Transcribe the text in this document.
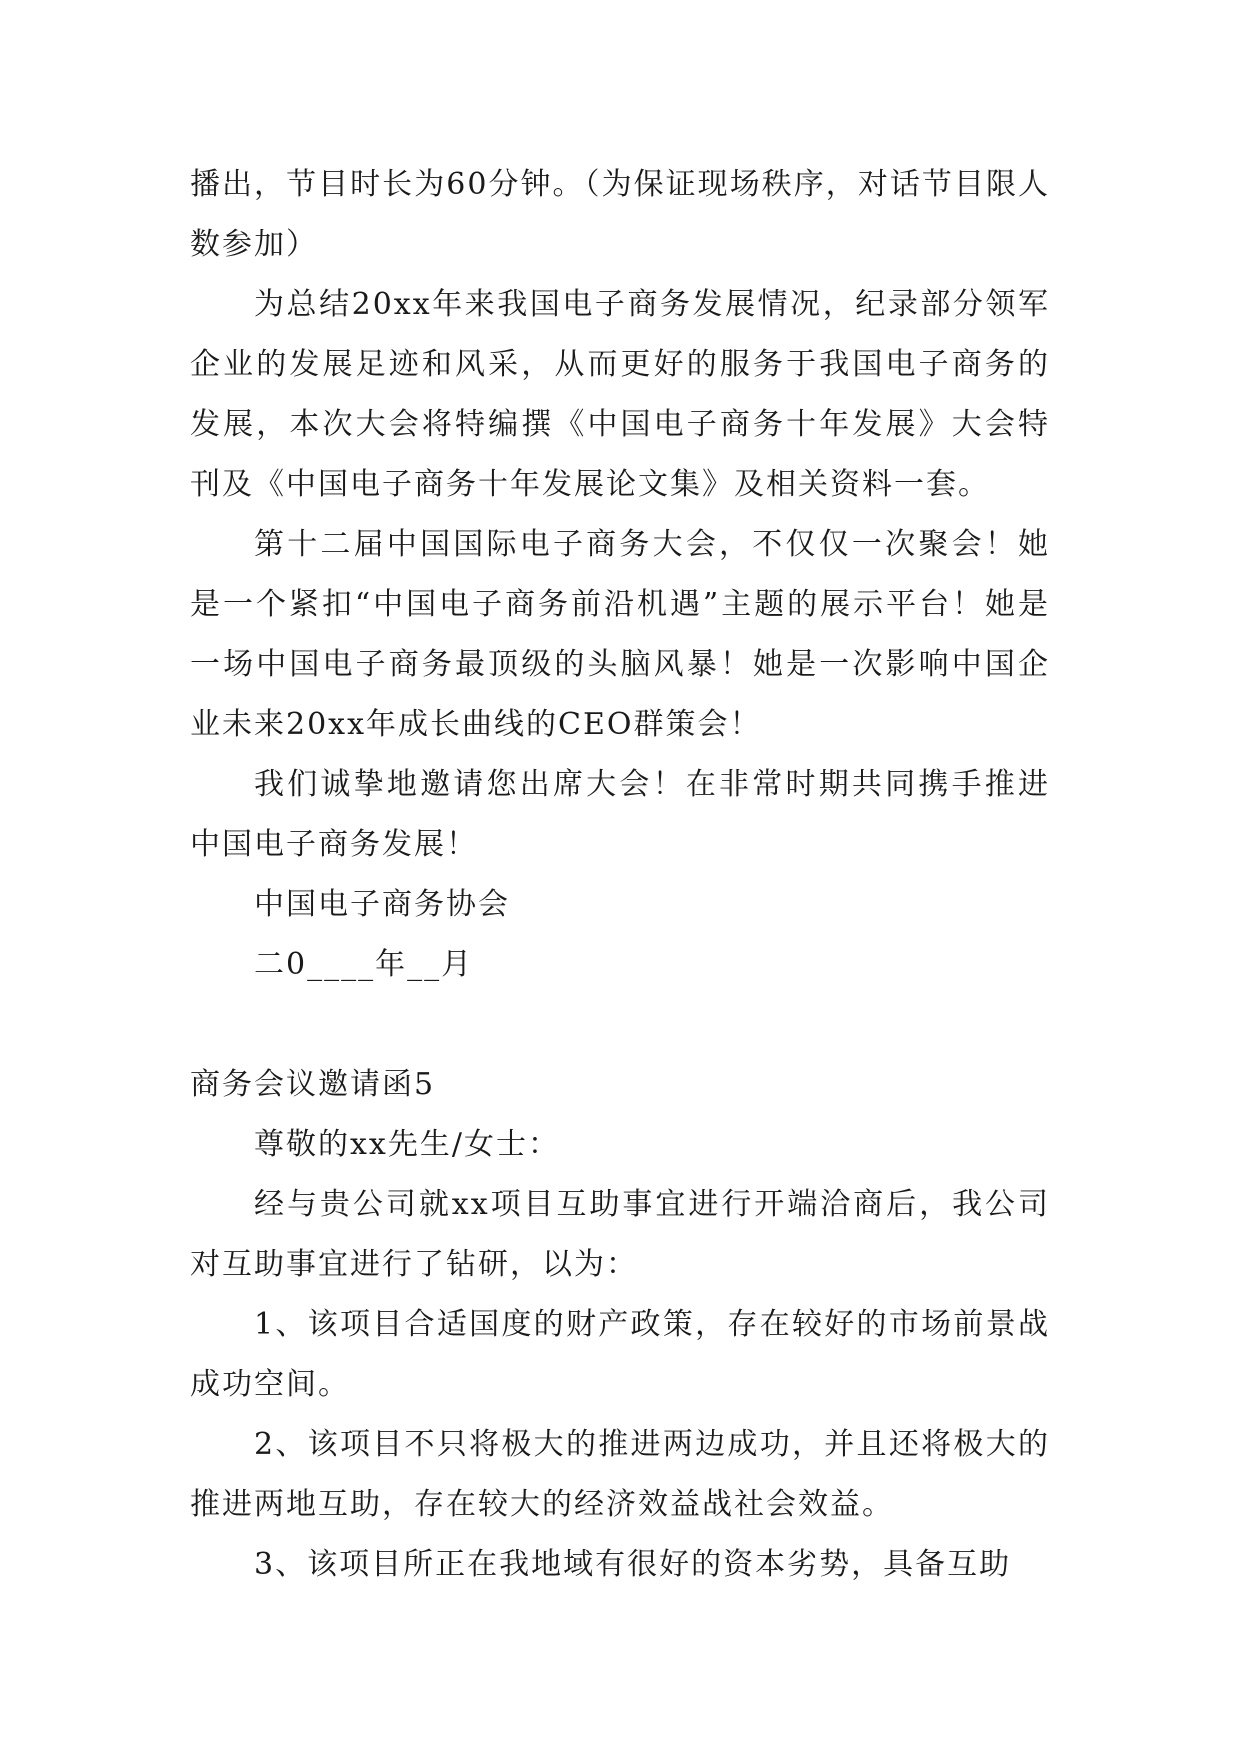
播出，节目时长为60分钟。（为保证现场秩序，对话节目限人数参加）

为总结20xx年来我国电子商务发展情况，纪录部分领军企业的发展足迹和风采，从而更好的服务于我国电子商务的发展，本次大会将特编撰《中国电子商务十年发展》大会特刊及《中国电子商务十年发展论文集》及相关资料一套。

第十二届中国国际电子商务大会，不仅仅一次聚会！她是一个紧扣“中国电子商务前沿机遇”主题的展示平台！她是一场中国电子商务最顶级的头脑风暴！她是一次影响中国企业未来20xx年成长曲线的CEO群策会！

我们诚挚地邀请您出席大会！在非常时期共同携手推进中国电子商务发展！

中国电子商务协会

二0____年__月

商务会议邀请函5

尊敬的xx先生/女士：

经与贵公司就xx项目互助事宜进行开端洽商后，我公司对互助事宜进行了钻研，以为：

1、该项目合适国度的财产政策，存在较好的市场前景战成功空间。

2、该项目不只将极大的推进两边成功，并且还将极大的推进两地互助，存在较大的经济效益战社会效益。

3、该项目所正在我地域有很好的资本劣势，具备互助
